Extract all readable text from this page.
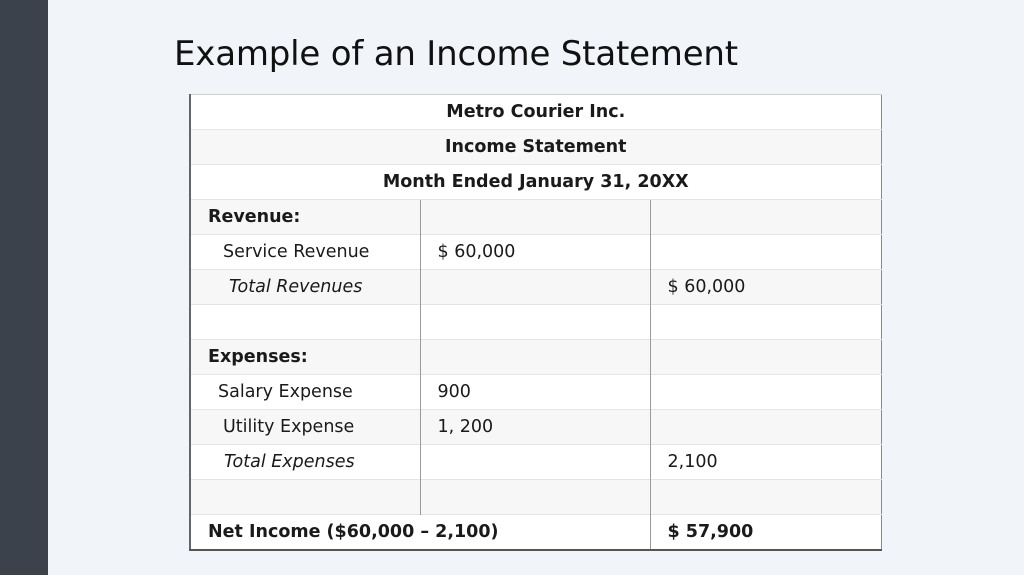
Example of an Income Statement
Metro Courier Inc.		
Income Statement		
Month Ended January 31, 20XX		
Revenue:		
Service Revenue	$ 60,000	
Total Revenues		$ 60,000

Expenses:		
Salary Expense	900	
Utility Expense	1, 200	
Total Expenses		2,100

Net Income ($60,000 – 2,100)		$ 57,900
